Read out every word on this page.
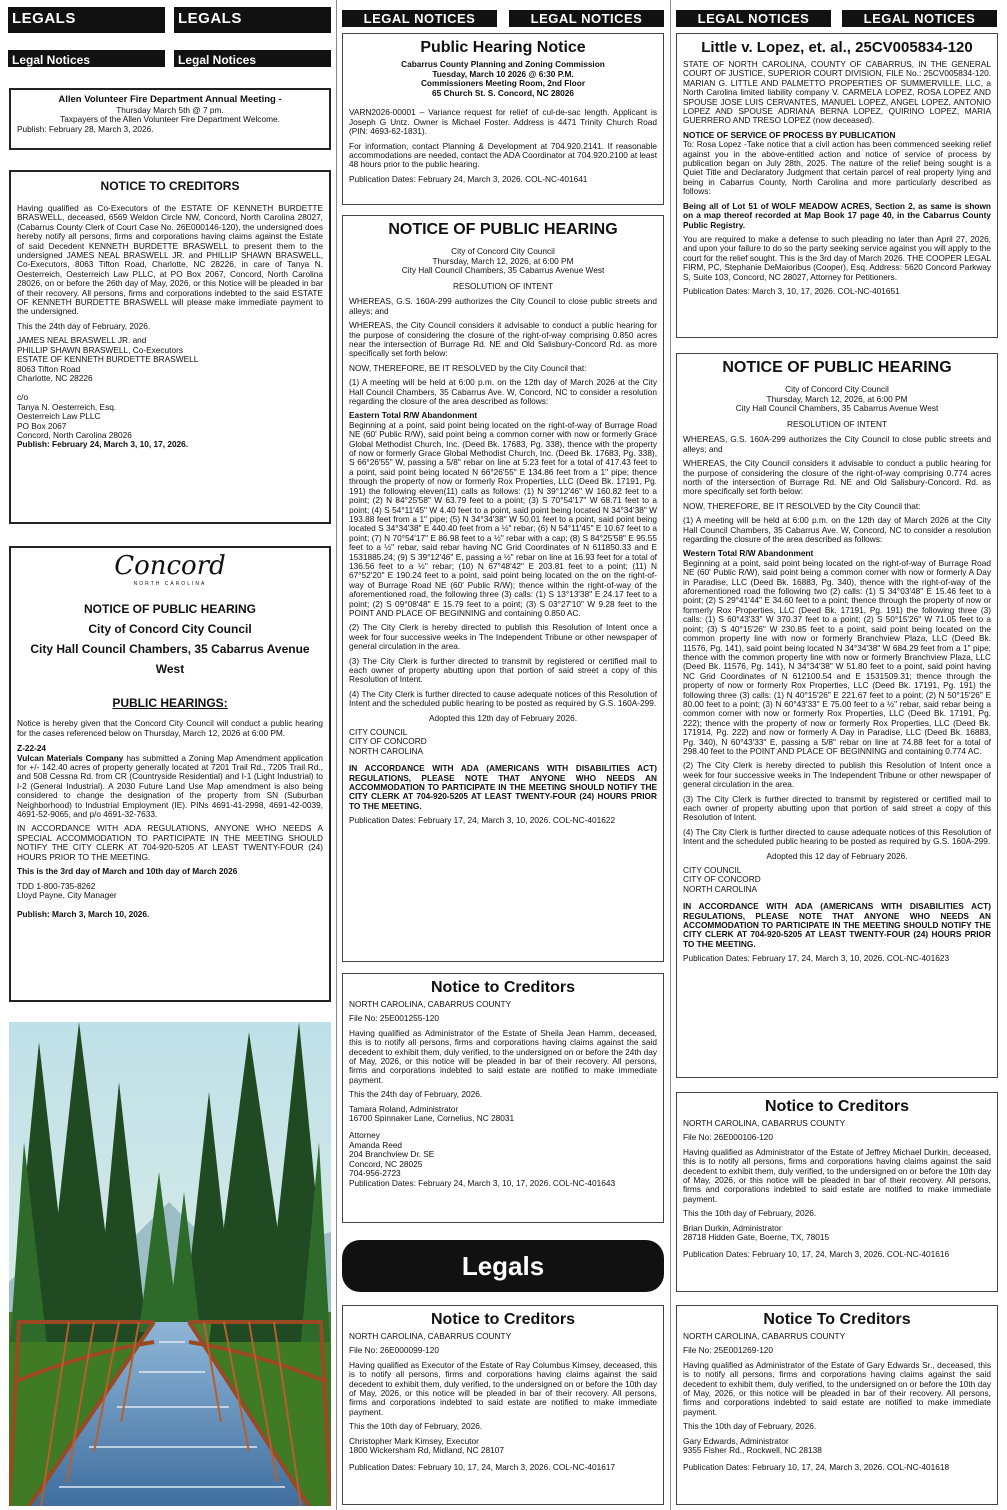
LEGALS	LEGALS
Legal Notices	Legal Notices
LEGAL NOTICES	LEGAL NOTICES	LEGAL NOTICES	LEGAL NOTICES
Allen Volunteer Fire Department Annual Meeting -
Thursday March 5th @ 7 pm.
Taxpayers of the Allen Volunteer Fire Department Welcome.
Publish: February 28, March 3, 2026.
NOTICE TO CREDITORS

Having qualified as Co-Executors of the ESTATE OF KENNETH BURDETTE BRASWELL, deceased, 6569 Weldon Circle NW, Concord, North Carolina 28027, (Cabarrus County Clerk of Court Case No. 26E000146-120), the undersigned does hereby notify all persons, firms and corporations having claims against the Estate of said Decedent KENNETH BURDETTE BRASWELL to present them to the undersigned JAMES NEAL BRASWELL JR. and PHILLIP SHAWN BRASWELL, Co-Executors, 8063 Tifton Road, Charlotte, NC 28226, in care of Tanya N. Oesterreich, Oesterreich Law PLLC, at PO Box 2067, Concord, North Carolina 28026, on or before the 26th day of May, 2026, or this Notice will be pleaded in bar of their recovery. All persons, firms and corporations indebted to the said ESTATE OF KENNETH BURDETTE BRASWELL will please make immediate payment to the undersigned.

This the 24th day of February, 2026.

JAMES NEAL BRASWELL JR. and
PHILLIP SHAWN BRASWELL, Co-Executors
ESTATE OF KENNETH BURDETTE BRASWELL
8063 Tifton Road
Charlotte, NC 28226
c/o
Tanya N. Oesterreich, Esq.
Oesterreich Law PLLC
PO Box 2067
Concord, North Carolina 28026
Publish: February 24, March 3, 10, 17, 2026.
Concord
NORTH CAROLINA
NOTICE OF PUBLIC HEARING
City of Concord City Council
City Hall Council Chambers, 35 Cabarrus Avenue West
PUBLIC HEARINGS:

Notice is hereby given that the Concord City Council will conduct a public hearing for the cases referenced below on Thursday, March 12, 2026 at 6:00 PM.

Z-22-24

Vulcan Materials Company has submitted a Zoning Map Amendment application for +/- 142.40 acres of property generally located at 7201 Trail Rd., 7205 Trail Rd., and 508 Cessna Rd. from CR (Countryside Residential) and I-1 (Light Industrial) to I-2 (General Industrial). A 2030 Future Land Use Map amendment is also being considered to change the designation of the property from SN (Suburban Neighborhood) to Industrial Employment (IE). PINs 4691-41-2998, 4691-42-0039, 4691-52-9065, and p/o 4691-32-7633.

IN ACCORDANCE WITH ADA REGULATIONS, ANYONE WHO NEEDS A SPECIAL ACCOMMODATION TO PARTICIPATE IN THE MEETING SHOULD NOTIFY THE CITY CLERK AT 704-920-5205 AT LEAST TWENTY-FOUR (24) HOURS PRIOR TO THE MEETING.

This is the 3rd day of March and 10th day of March 2026

TDD 1-800-735-8262
Lloyd Payne, City Manager
Publish: March 3, March 10, 2026.
Public Hearing Notice
Cabarrus County Planning and Zoning Commission
Tuesday, March 10 2026 @ 6:30 P.M.
Commissioners Meeting Room, 2nd Floor
65 Church St. S. Concord, NC 28026

VARN2026-00001 – Variance request for relief of cul-de-sac length. Applicant is Joseph G Untz. Owner is Michael Foster. Address is 4471 Trinity Church Road (PIN: 4693-62-1831).

For information, contact Planning & Development at 704.920.2141. If reasonable accommodations are needed, contact the ADA Coordinator at 704.920.2100 at least 48 hours prior to the public hearing.

Publication Dates: February 24, March 3, 2026. COL-NC-401641
NOTICE OF PUBLIC HEARING
City of Concord City Council
Thursday, March 12, 2026, at 6:00 PM
City Hall Council Chambers, 35 Cabarrus Avenue West
RESOLUTION OF INTENT

WHEREAS, G.S. 160A-299 authorizes the City Council to close public streets and alleys; and

WHEREAS, the City Council considers it advisable to conduct a public hearing for the purpose of considering the closure of the right-of-way comprising 0.850 acres near the intersection of Burrage Rd. NE and Old Salisbury-Concord Rd. as more specifically set forth below:

NOW, THEREFORE, BE IT RESOLVED by the City Council that:

(1) A meeting will be held at 6:00 p.m. on the 12th day of March 2026 at the City Hall Council Chambers, 35 Cabarrus Ave. W, Concord, NC to consider a resolution regarding the closure of the area described as follows:

Eastern Total R/W Abandonment

Beginning at a point, said point being located on the right-of-way of Burrage Road NE (60' Public R/W), said point being a common corner with now or formerly Grace Global Methodist Church, Inc. (Deed Bk. 17683, Pg. 338), thence with the property of now or formerly Grace Global Methodist Church, Inc. (Deed Bk. 17683, Pg. 338), S 66°26'55" W, passing a 5/8" rebar on line at 5.23 feet for a total of 417.43 feet to a point, said point being located N 66°26'55" E 134.86 feet from a 1" pipe; thence through the property of now or formerly Rox Properties, LLC (Deed Bk. 17191, Pg. 191) the following eleven(11) calls as follows: (1) N 39°12'46" W 160.82 feet to a point; (2) N 84°25'58" W 63.79 feet to a point; (3) S 70°54'17" W 68.71 feet to a point; (4) S 54°11'45" W 4.40 feet to a point, said point being located N 34°34'38" W 193.88 feet from a 1" pipe; (5) N 34°34'38" W 50.01 feet to a point, said point being located S 34°34'38" E 440.40 feet from a ½" rebar; (6) N 54°11'45" E 10.67 feet to a point; (7) N 70°54'17" E 86.98 feet to a ½" rebar with a cap; (8) S 84°25'58" E 95.55 feet to a ½" rebar, said rebar having NC Grid Coordinates of N 611850.33 and E 1531885.24; (9) S 39°12'46" E, passing a ½" rebar on line at 16.93 feet for a total of 136.56 feet to a ½" rebar; (10) N 67°48'42" E 203.81 feet to a point; (11) N 67°52'20" E 190.24 feet to a point, said point being located on the on the right-of-way of Burrage Road NE (60' Public R/W); thence within the right-of-way of the aforementioned road, the following three (3) calls: (1) S 13°13'38" E 24.17 feet to a point; (2) S 09°08'48" E 15.79 feet to a point; (3) S 03°27'10" W 9.28 feet to the POINT AND PLACE OF BEGINNING and containing 0.850 AC.

(2) The City Clerk is hereby directed to publish this Resolution of Intent once a week for four successive weeks in The Independent Tribune or other newspaper of general circulation in the area.

(3) The City Clerk is further directed to transmit by registered or certified mail to each owner of property abutting upon that portion of said street a copy of this Resolution of Intent.

(4) The City Clerk is further directed to cause adequate notices of this Resolution of Intent and the scheduled public hearing to be posted as required by G.S. 160A-299.

Adopted this 12th day of February 2026.

CITY COUNCIL
CITY OF CONCORD
NORTH CAROLINA

IN ACCORDANCE WITH ADA (AMERICANS WITH DISABILITIES ACT) REGULATIONS, PLEASE NOTE THAT ANYONE WHO NEEDS AN ACCOMMODATION TO PARTICIPATE IN THE MEETING SHOULD NOTIFY THE CITY CLERK AT 704-920-5205 AT LEAST TWENTY-FOUR (24) HOURS PRIOR TO THE MEETING.

Publication Dates: February 17, 24, March 3, 10, 2026. COL-NC-401622
Notice to Creditors

NORTH CAROLINA, CABARRUS COUNTY

File No: 25E001255-120

Having qualified as Administrator of the Estate of Sheila Jean Hamm, deceased, this is to notify all persons, firms and corporations having claims against the said decedent to exhibit them, duly verified, to the undersigned on or before the 24th day of May, 2026, or this notice will be pleaded in bar of their recovery. All persons, firms and corporations indebted to said estate are notified to make immediate payment.

This the 24th day of February, 2026.

Tamara Roland, Administrator
16700 Spinnaker Lane, Cornelius, NC 28031
Attorney
Amanda Reed
204 Branchview Dr. SE
Concord, NC 28025
704-956-2723
Publication Dates: February 24, March 3, 10, 17, 2026. COL-NC-401643
Legals
Notice to Creditors

NORTH CAROLINA, CABARRUS COUNTY

File No: 26E000099-120

Having qualified as Executor of the Estate of Ray Columbus Kimsey, deceased, this is to notify all persons, firms and corporations having claims against the said decedent to exhibit them, duly verified, to the undersigned on or before the 10th day of May, 2026, or this notice will be pleaded in bar of their recovery. All persons, firms and corporations indebted to said estate are notified to make immediate payment.

This the 10th day of February, 2026.

Christopher Mark Kimsey, Executor
1800 Wickersham Rd, Midland, NC 28107
Publication Dates: February 10, 17, 24, March 3, 2026. COL-NC-401617
Little v. Lopez, et. al., 25CV005834-120

STATE OF NORTH CAROLINA, COUNTY OF CABARRUS, IN THE GENERAL COURT OF JUSTICE, SUPERIOR COURT DIVISION, FILE No.: 25CV005834-120. MARIAN G. LITTLE AND PALMETTO PROPERTIES OF SUMMERVILLE, LLC, a North Carolina limited liability company V. CARMELA LOPEZ, ROSA LOPEZ AND SPOUSE JOSE LUIS CERVANTES, MANUEL LOPEZ, ANGEL LOPEZ, ANTONIO LOPEZ AND SPOUSE ADRIANA BERNA LOPEZ, QUIRINO LOPEZ, MARIA GUERRERO AND TRESO LOPEZ (now deceased).

NOTICE OF SERVICE OF PROCESS BY PUBLICATION

To: Rosa Lopez -Take notice that a civil action has been commenced seeking relief against you in the above-entitled action and notice of service of process by publication began on July 28th, 2025. The nature of the relief being sought is a Quiet Title and Declaratory Judgment that certain parcel of real property lying and being in Cabarrus County, North Carolina and more particularly described as follows:

Being all of Lot 51 of WOLF MEADOW ACRES, Section 2, as same is shown on a map thereof recorded at Map Book 17 page 40, in the Cabarrus County Public Registry.

You are required to make a defense to such pleading no later than April 27, 2026, and upon your failure to do so the party seeking service against you will apply to the court for the relief sought. This is the 3rd day of March 2026. THE COOPER LEGAL FIRM, PC, Stephanie DeMaioribus (Cooper), Esq. Address: 5620 Concord Parkway S, Suite 103, Concord, NC 28027, Attorney for Petitioners.

Publication Dates: March 3, 10, 17, 2026. COL-NC-401651
NOTICE OF PUBLIC HEARING
City of Concord City Council
Thursday, March 12, 2026, at 6:00 PM
City Hall Council Chambers, 35 Cabarrus Avenue West
RESOLUTION OF INTENT

WHEREAS, G.S. 160A-299 authorizes the City Council to close public streets and alleys; and

WHEREAS, the City Council considers it advisable to conduct a public hearing for the purpose of considering the closure of the right-of-way comprising 0.774 acres north of the intersection of Burrage Rd. NE and Old Salisbury-Concord. Rd. as more specifically set forth below:

NOW, THEREFORE, BE IT RESOLVED by the City Council that:

(1) A meeting will be held at 6:00 p.m. on the 12th day of March 2026 at the City Hall Council Chambers, 35 Cabarrus Ave. W, Concord, NC to consider a resolution regarding the closure of the area described as follows:

Western Total R/W Abandonment

Beginning at a point, said point being located on the right-of-way of Burrage Road NE (60' Public R/W), said point being a common corner with now or formerly A Day in Paradise, LLC (Deed Bk. 16883, Pg. 340), thence with the right-of-way of the aforementioned road the following two (2) calls: (1) S 34°03'48" E 15.46 feet to a point; (2) S 29°41'44" E 34.60 feet to a point; thence through the property of now or formerly Rox Properties, LLC (Deed Bk. 17191, Pg. 191) the following three (3) calls: (1) S 60°43'33" W 370.37 feet to a point; (2) S 50°15'26" W 71.05 feet to a point; (3) S 40°15'26" W 230.85 feet to a point, said point being located on the common property line with now or formerly Branchview Plaza, LLC (Deed Bk. 11576, Pg. 141), said point being located N 34°34'38" W 684.29 feet from a 1" pipe; thence with the common property line with now or formerly Branchview Plaza, LLC (Deed Bk. 11576, Pg. 141), N 34°34'38" W 51.80 feet to a point, said point having NC Grid Coordinates of N 612100.54 and E 1531509.31; thence through the property of now or formerly Rox Properties, LLC (Deed Bk. 17191, Pg. 191) the following three (3) calls: (1) N 40°15'26" E 221.67 feet to a point; (2) N 50°15'26" E 80.00 feet to a point; (3) N 60°43'33" E 75.00 feet to a ½" rebar, said rebar being a common corner with now or formerly Rox Properties, LLC (Deed Bk. 17191, Pg. 222); thence with the property of now or formerly Rox Properties, LLC (Deed Bk. 171914, Pg. 222) and now or formerly A Day in Paradise, LLC (Deed Bk. 16883, Pg. 340), N 60°43'33" E, passing a 5/8" rebar on line at 74.88 feet for a total of 298.40 feet to the POINT AND PLACE OF BEGINNING and containing 0.774 AC.

(2) The City Clerk is hereby directed to publish this Resolution of Intent once a week for four successive weeks in The Independent Tribune or other newspaper of general circulation in the area.

(3) The City Clerk is further directed to transmit by registered or certified mail to each owner of property abutting upon that portion of said street a copy of this Resolution of Intent.

(4) The City Clerk is further directed to cause adequate notices of this Resolution of Intent and the scheduled public hearing to be posted as required by G.S. 160A-299.

Adopted this 12 day of February 2026.

CITY COUNCIL
CITY OF CONCORD
NORTH CAROLINA

IN ACCORDANCE WITH ADA (AMERICANS WITH DISABILITIES ACT) REGULATIONS, PLEASE NOTE THAT ANYONE WHO NEEDS AN ACCOMMODATION TO PARTICIPATE IN THE MEETING SHOULD NOTIFY THE CITY CLERK AT 704-920-5205 AT LEAST TWENTY-FOUR (24) HOURS PRIOR TO THE MEETING.

Publication Dates: February 17, 24, March 3, 10, 2026. COL-NC-401623
Notice to Creditors

NORTH CAROLINA, CABARRUS COUNTY

File No: 26E000106-120

Having qualified as Administrator of the Estate of Jeffrey Michael Durkin, deceased, this is to notify all persons, firms and corporations having claims against the said decedent to exhibit them, duly verified, to the undersigned on or before the 10th day of May, 2026, or this notice will be pleaded in bar of their recovery. All persons, firms and corporations indebted to said estate are notified to make immediate payment.

This the 10th day of February, 2026.

Brian Durkin, Administrator
28718 Hidden Gate, Boerne, TX, 78015
Publication Dates: February 10, 17, 24, March 3, 2026. COL-NC-401616
Notice To Creditors

NORTH CAROLINA, CABARRUS COUNTY

File No: 25E001269-120

Having qualified as Administrator of the Estate of Gary Edwards Sr., deceased, this is to notify all persons, firms and corporations having claims against the said decedent to exhibit them, duly verified, to the undersigned on or before the 10th day of May, 2026, or this notice will be pleaded in bar of their recovery. All persons, firms and corporations indebted to said estate are notified to make immediate payment.

This the 10th day of February, 2026.

Gary Edwards, Administrator
9355 Fisher Rd., Rockwell, NC 28138
Publication Dates: February 10, 17, 24, March 3, 2026. COL-NC-401618
